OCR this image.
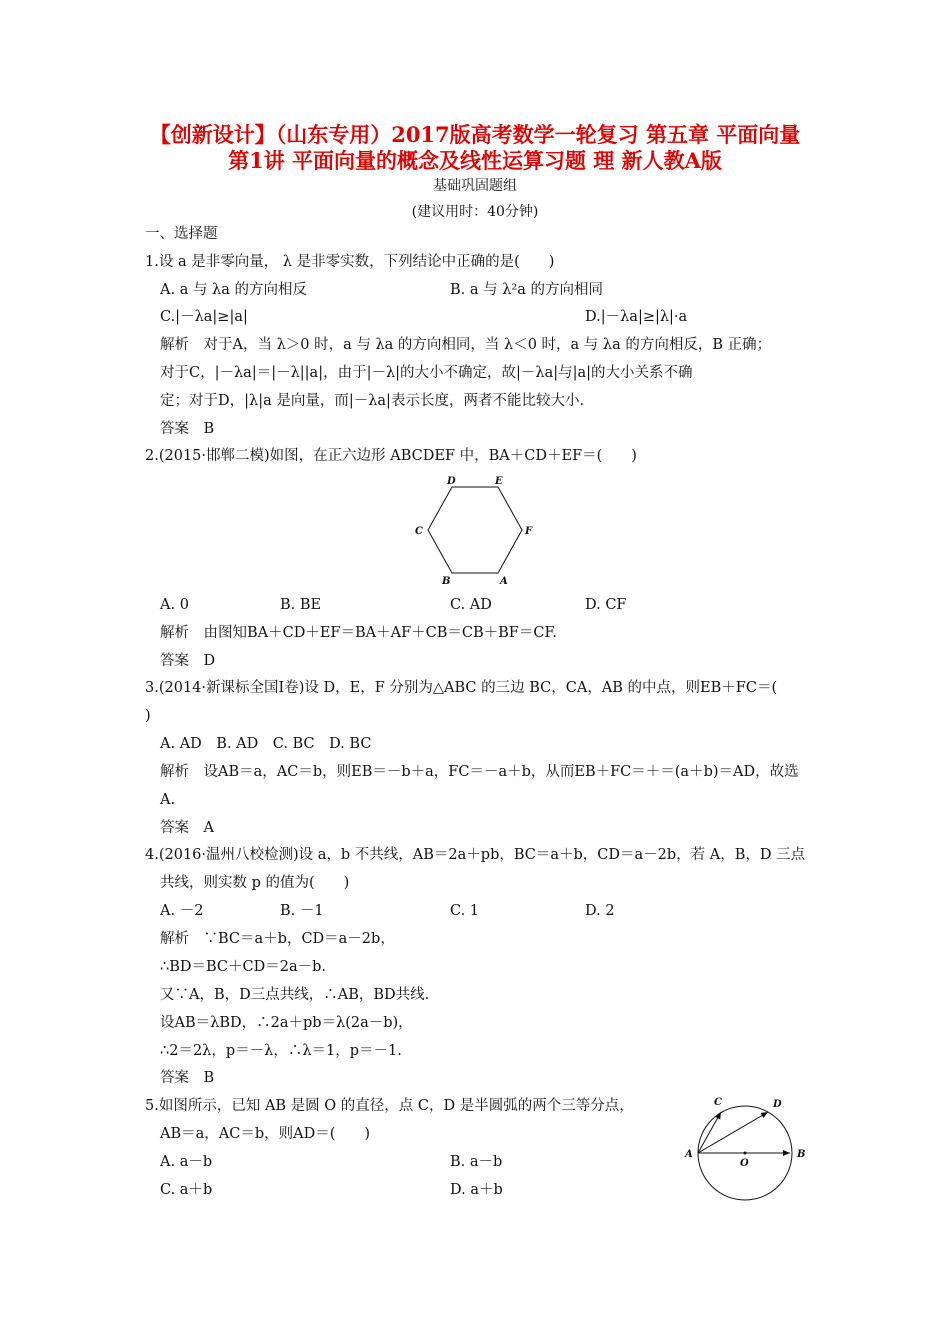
【创新设计】（山东专用）2017版高考数学一轮复习 第五章 平面向量
第1讲 平面向量的概念及线性运算习题 理 新人教A版
基础巩固题组
(建议用时：40分钟)
一、选择题
1.设 a 是非零向量， λ 是非零实数，下列结论中正确的是(　　)
A. a 与 λa 的方向相反	B. a 与 λ²a 的方向相同
C.|－λa|≥|a|	D.|－λa|≥|λ|·a
解析　对于A，当 λ＞0 时，a 与 λa 的方向相同，当 λ＜0 时，a 与 λa 的方向相反，B 正确；
对于C，|－λa|＝|－λ||a|，由于|－λ|的大小不确定，故|－λa|与|a|的大小关系不确
定；对于D，|λ|a 是向量，而|－λa|表示长度，两者不能比较大小.
答案　B
2.(2015·邯郸二模)如图，在正六边形 ABCDEF 中，BA＋CD＋EF＝(　　)
D	E
C	F
B	A
A. 0	B. BE	C. AD	D. CF
解析　由图知BA＋CD＋EF＝BA＋AF＋CB＝CB＋BF＝CF.
答案　D
3.(2014·新课标全国Ⅰ卷)设 D，E，F 分别为△ABC 的三边 BC，CA，AB 的中点，则EB＋FC＝(
)
A. AD　B. AD　C. BC　D. BC
解析　设AB＝a，AC＝b，则EB＝－b＋a，FC＝－a＋b，从而EB＋FC＝＋＝(a＋b)＝AD，故选
A.
答案　A
4.(2016·温州八校检测)设 a，b 不共线，AB＝2a＋pb，BC＝a＋b，CD＝a－2b，若 A，B，D 三点
共线，则实数 p 的值为(　　)
A. －2	B. －1	C. 1	D. 2
解析　∵BC＝a＋b，CD＝a－2b，
∴BD＝BC＋CD＝2a－b.
又∵A，B，D三点共线，∴AB，BD共线.
设AB＝λBD，∴2a＋pb＝λ(2a－b)，
∴2＝2λ，p＝－λ，∴λ＝1，p＝－1.
答案　B
5.如图所示，已知 AB 是圆 O 的直径，点 C，D 是半圆弧的两个三等分点，
AB＝a，AC＝b，则AD＝(　　)
A. a－b	B. a－b
C. a＋b	D. a＋b
C	D
A
O
B
